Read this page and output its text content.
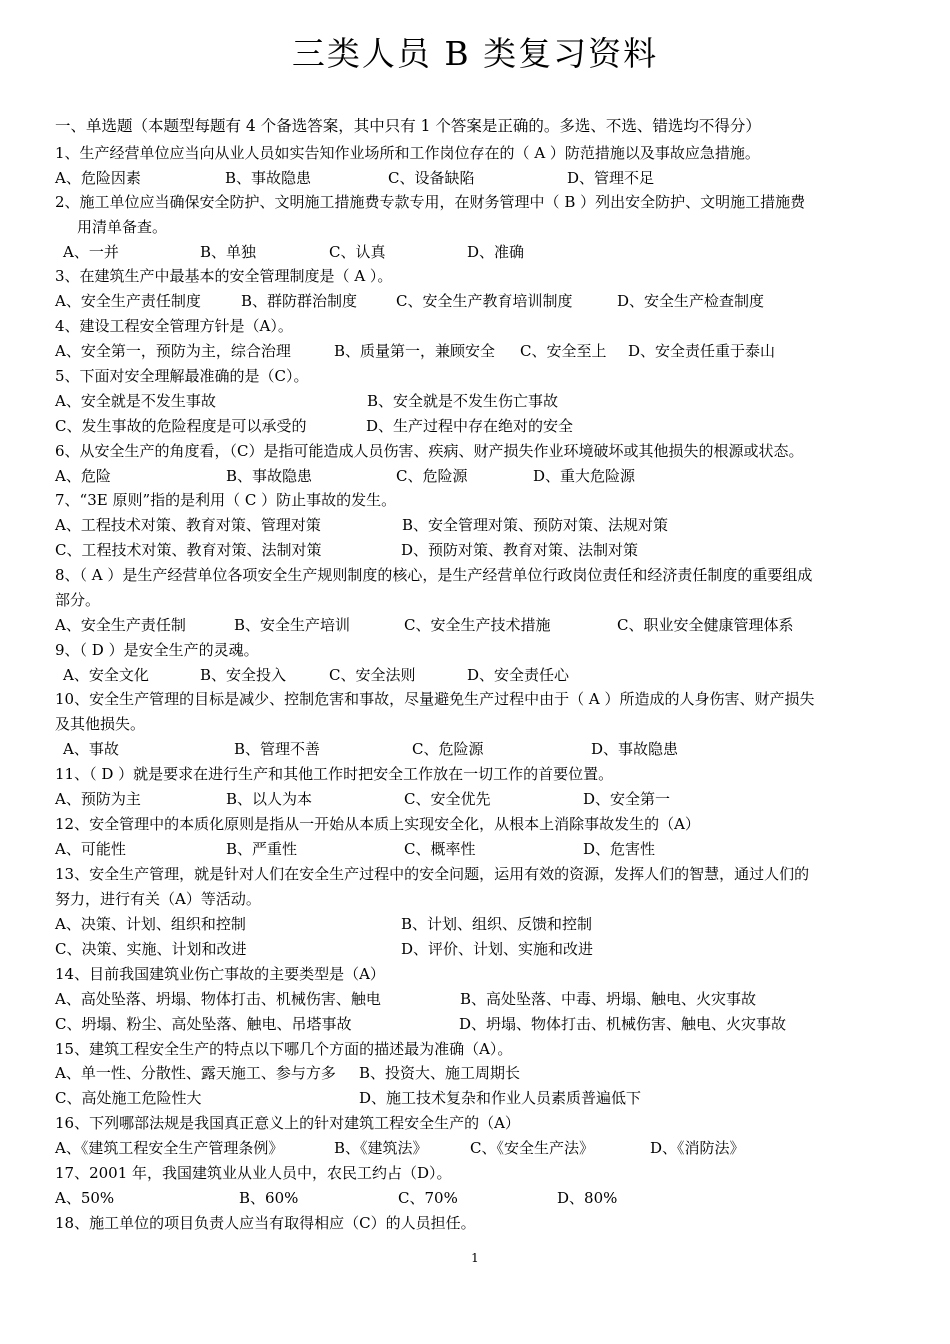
三类人员 B 类复习资料
一、单选题（本题型每题有 4 个备选答案，其中只有 1 个答案是正确的。多选、不选、错选均不得分）
1、生产经营单位应当向从业人员如实告知作业场所和工作岗位存在的（ A ）防范措施以及事故应急措施。
A、危险因素	B、事故隐患	C、设备缺陷	D、管理不足
2、施工单位应当确保安全防护、文明施工措施费专款专用，在财务管理中（ B ）列出安全防护、文明施工措施费
用清单备查。
A、一并	B、单独	C、认真	D、准确
3、在建筑生产中最基本的安全管理制度是（ A ）。
A、安全生产责任制度	B、群防群治制度	C、安全生产教育培训制度	D、安全生产检查制度
4、建设工程安全管理方针是（A）。
A、安全第一，预防为主，综合治理	B、质量第一，兼顾安全 C、安全至上 D、安全责任重于泰山
5、下面对安全理解最准确的是（C）。
A、安全就是不发生事故	B、安全就是不发生伤亡事故
C、发生事故的危险程度是可以承受的	D、生产过程中存在绝对的安全
6、从安全生产的角度看，（C）是指可能造成人员伤害、疾病、财产损失作业环境破坏或其他损失的根源或状态。
A、危险	B、事故隐患	C、危险源	D、重大危险源
7、“3E 原则”指的是利用（ C ）防止事故的发生。
A、工程技术对策、教育对策、管理对策	B、安全管理对策、预防对策、法规对策
C、工程技术对策、教育对策、法制对策	D、预防对策、教育对策、法制对策
8、（ A ）是生产经营单位各项安全生产规则制度的核心，是生产经营单位行政岗位责任和经济责任制度的重要组成
部分。
A、安全生产责任制	B、安全生产培训	C、安全生产技术措施	C、职业安全健康管理体系
9、（ D ）是安全生产的灵魂。
A、安全文化	B、安全投入	C、安全法则	D、安全责任心
10、安全生产管理的目标是减少、控制危害和事故，尽量避免生产过程中由于（ A ）所造成的人身伤害、财产损失
及其他损失。
A、事故	B、管理不善	C、危险源	D、事故隐患
11、（ D ）就是要求在进行生产和其他工作时把安全工作放在一切工作的首要位置。
A、预防为主	B、以人为本	C、安全优先	D、安全第一
12、安全管理中的本质化原则是指从一开始从本质上实现安全化，从根本上消除事故发生的（A）
A、可能性	B、严重性	C、概率性	D、危害性
13、安全生产管理，就是针对人们在安全生产过程中的安全问题，运用有效的资源，发挥人们的智慧，通过人们的
努力，进行有关（A）等活动。
A、决策、计划、组织和控制	B、计划、组织、反馈和控制
C、决策、实施、计划和改进	D、评价、计划、实施和改进
14、目前我国建筑业伤亡事故的主要类型是（A）
A、高处坠落、坍塌、物体打击、机械伤害、触电	B、高处坠落、中毒、坍塌、触电、火灾事故
C、坍塌、粉尘、高处坠落、触电、吊塔事故	D、坍塌、物体打击、机械伤害、触电、火灾事故
15、建筑工程安全生产的特点以下哪几个方面的描述最为准确（A）。
A、单一性、分散性、露天施工、参与方多 B、投资大、施工周期长
C、高处施工危险性大	D、施工技术复杂和作业人员素质普遍低下
16、下列哪部法规是我国真正意义上的针对建筑工程安全生产的（A）
A、《建筑工程安全生产管理条例》	B、《建筑法》	C、《安全生产法》	D、《消防法》
17、2001 年，我国建筑业从业人员中，农民工约占（D）。
A、50%	B、60%	C、70%	D、80%
18、施工单位的项目负责人应当有取得相应（C）的人员担任。
1
